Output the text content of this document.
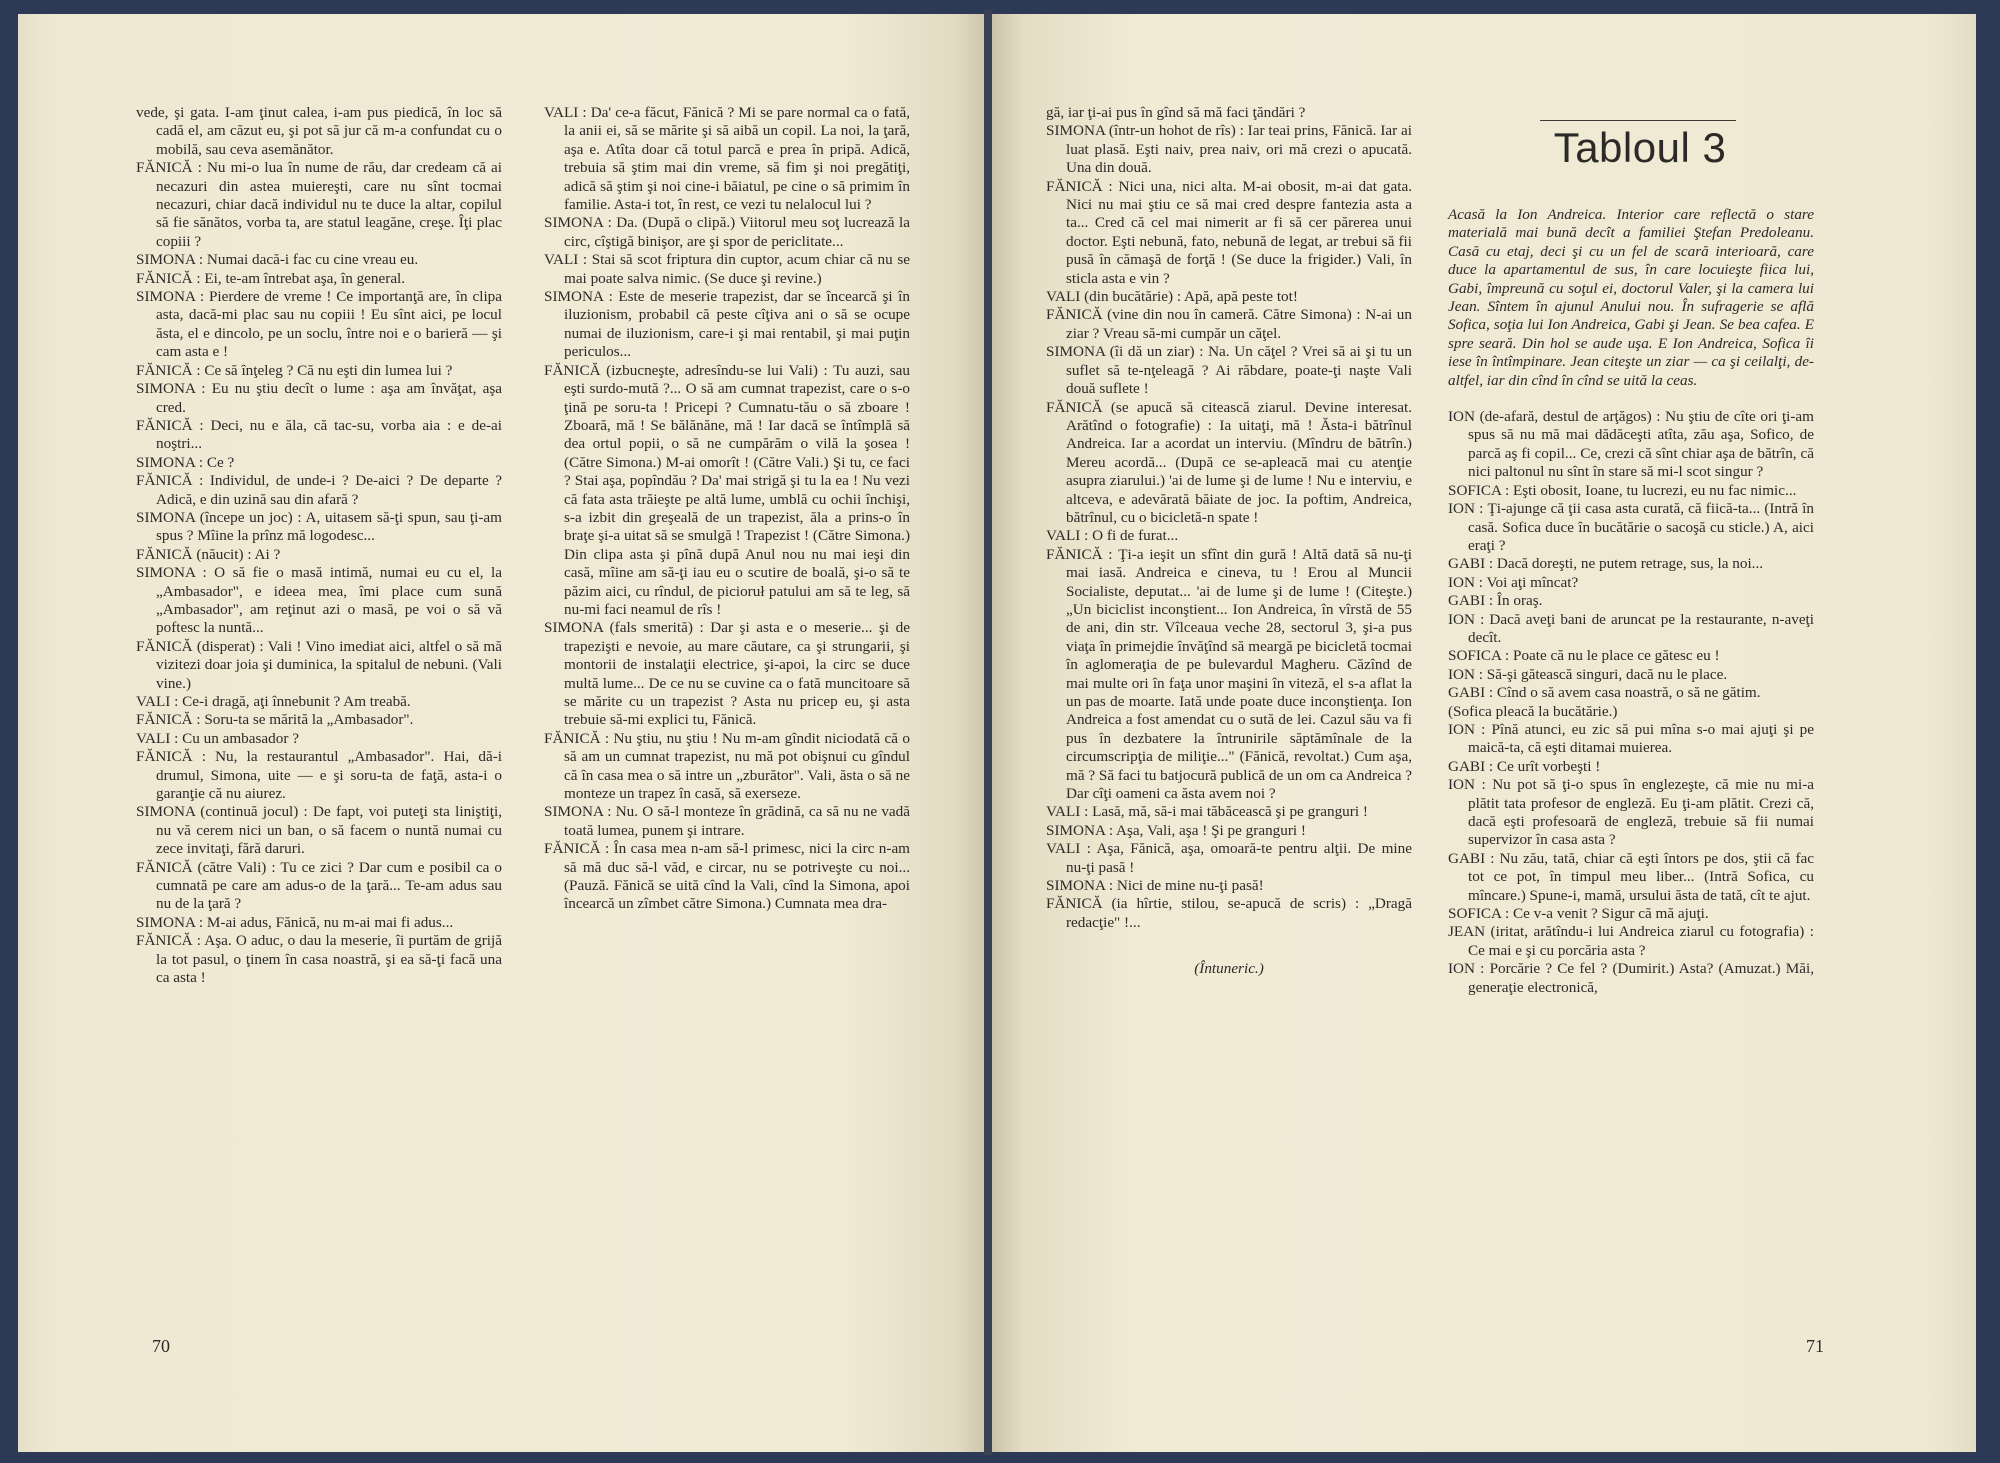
vede, şi gata. I-am ţinut calea, i-am pus piedică, în loc să cadă el, am căzut eu, şi pot să jur că m-a confundat cu o mobilă, sau ceva asemănător.

FĂNICĂ : Nu mi-o lua în nume de rău, dar credeam că ai necazuri din astea muiereşti, care nu sînt tocmai necazuri, chiar dacă individul nu te duce la altar, copilul să fie sănătos, vorba ta, are statul leagăne, creşe. Îţi plac copiii ?

SIMONA : Numai dacă-i fac cu cine vreau eu.

FĂNICĂ : Ei, te-am întrebat aşa, în general.

SIMONA : Pierdere de vreme ! Ce importanţă are, în clipa asta, dacă-mi plac sau nu copiii ! Eu sînt aici, pe locul ăsta, el e dincolo, pe un soclu, între noi e o barieră — şi cam asta e !

FĂNICĂ : Ce să înţeleg ? Că nu eşti din lumea lui ?

SIMONA : Eu nu ştiu decît o lume : aşa am învăţat, aşa cred.

FĂNICĂ : Deci, nu e ăla, că tac-su, vorba aia : e de-ai noştri...

SIMONA : Ce ?

FĂNICĂ : Individul, de unde-i ? De-aici ? De departe ? Adică, e din uzină sau din afară ?

SIMONA (începe un joc) : A, uitasem să-ţi spun, sau ţi-am spus ? Mîine la prînz mă logodesc...

FĂNICĂ (năucit) : Ai ?

SIMONA : O să fie o masă intimă, numai eu cu el, la „Ambasador", e ideea mea, îmi place cum sună „Ambasador", am reţinut azi o masă, pe voi o să vă poftesc la nuntă...

FĂNICĂ (disperat) : Vali ! Vino imediat aici, altfel o să mă vizitezi doar joia şi duminica, la spitalul de nebuni. (Vali vine.)

VALI : Ce-i dragă, aţi înnebunit ? Am treabă.

FĂNICĂ : Soru-ta se mărită la „Ambasador".

VALI : Cu un ambasador ?

FĂNICĂ : Nu, la restaurantul „Ambasador". Hai, dă-i drumul, Simona, uite — e şi soru-ta de faţă, asta-i o garanţie că nu aiurez.

SIMONA (continuă jocul) : De fapt, voi puteţi sta liniştiţi, nu vă cerem nici un ban, o să facem o nuntă numai cu zece invitaţi, fără daruri.

FĂNICĂ (către Vali) : Tu ce zici ? Dar cum e posibil ca o cumnată pe care am adus-o de la ţară... Te-am adus sau nu de la ţară ?

SIMONA : M-ai adus, Fănică, nu m-ai mai fi adus...

FĂNICĂ : Aşa. O aduc, o dau la meserie, îi purtăm de grijă la tot pasul, o ţinem în casa noastră, şi ea să-ţi facă una ca asta !

VALI : Da' ce-a făcut, Fănică ? Mi se pare normal ca o fată, la anii ei, să se mărite şi să aibă un copil. La noi, la ţară, aşa e. Atîta doar că totul parcă e prea în pripă. Adică, trebuia să ştim mai din vreme, să fim şi noi pregătiţi, adică să ştim şi noi cine-i băiatul, pe cine o să primim în familie. Asta-i tot, în rest, ce vezi tu nelalocul lui ?

SIMONA : Da. (După o clipă.) Viitorul meu soţ lucrează la circ, cîştigă binişor, are şi spor de periclitate...

VALI : Stai să scot friptura din cuptor, acum chiar că nu se mai poate salva nimic. (Se duce şi revine.)

SIMONA : Este de meserie trapezist, dar se încearcă şi în iluzionism, probabil că peste cîţiva ani o să se ocupe numai de iluzionism, care-i şi mai rentabil, şi mai puţin periculos...

FĂNICĂ (izbucneşte, adresîndu-se lui Vali) : Tu auzi, sau eşti surdo-mută ?... O să am cumnat trapezist, care o s-o ţină pe soru-ta ! Pricepi ? Cumnatu-tău o să zboare ! Zboară, mă ! Se bălănăne, mă ! Iar dacă se întîmplă să dea ortul popii, o să ne cumpărăm o vilă la şosea ! (Către Simona.) M-ai omorît ! (Către Vali.) Şi tu, ce faci ? Stai aşa, popîndău ? Da' mai strigă şi tu la ea ! Nu vezi că fata asta trăieşte pe altă lume, umblă cu ochii închişi, s-a izbit din greşeală de un trapezist, ăla a prins-o în braţe şi-a uitat să se smulgă ! Trapezist ! (Către Simona.) Din clipa asta şi pînă după Anul nou nu mai ieşi din casă, mîine am să-ţi iau eu o scutire de boală, şi-o să te păzim aici, cu rîndul, de picioruł patului am să te leg, să nu-mi faci neamul de rîs !

SIMONA (fals smerită) : Dar şi asta e o meserie... şi de trapezişti e nevoie, au mare căutare, ca şi strungarii, şi montorii de instalaţii electrice, şi-apoi, la circ se duce multă lume... De ce nu se cuvine ca o fată muncitoare să se mărite cu un trapezist ? Asta nu pricep eu, şi asta trebuie să-mi explici tu, Fănică.

FĂNICĂ : Nu ştiu, nu ştiu ! Nu m-am gîndit niciodată că o să am un cumnat trapezist, nu mă pot obişnui cu gîndul că în casa mea o să intre un „zburător". Vali, ăsta o să ne monteze un trapez în casă, să exerseze.

SIMONA : Nu. O să-l monteze în grădină, ca să nu ne vadă toată lumea, punem şi intrare.

FĂNICĂ : În casa mea n-am să-l primesc, nici la circ n-am să mă duc să-l văd, e circar, nu se potriveşte cu noi... (Pauză. Fănică se uită cînd la Vali, cînd la Simona, apoi încearcă un zîmbet către Simona.) Cumnata mea dra-

70

gă, iar ţi-ai pus în gînd să mă faci ţăndări ?

SIMONA (într-un hohot de rîs) : Iar teai prins, Fănică. Iar ai luat plasă. Eşti naiv, prea naiv, ori mă crezi o apucată. Una din două.

FĂNICĂ : Nici una, nici alta. M-ai obosit, m-ai dat gata. Nici nu mai ştiu ce să mai cred despre fantezia asta a ta... Cred că cel mai nimerit ar fi să cer părerea unui doctor. Eşti nebună, fato, nebună de legat, ar trebui să fii pusă în cămaşă de forţă ! (Se duce la frigider.) Vali, în sticla asta e vin ?

VALI (din bucătărie) : Apă, apă peste tot!

FĂNICĂ (vine din nou în cameră. Către Simona) : N-ai un ziar ? Vreau să-mi cumpăr un căţel.

SIMONA (îi dă un ziar) : Na. Un căţel ? Vrei să ai şi tu un suflet să te-nţeleagă ? Ai răbdare, poate-ţi naşte Vali două suflete !

FĂNICĂ (se apucă să citească ziarul. Devine interesat. Arătînd o fotografie) : Ia uitaţi, mă ! Ăsta-i bătrînul Andreica. Iar a acordat un interviu. (Mîndru de bătrîn.) Mereu acordă... (După ce se-apleacă mai cu atenţie asupra ziarului.) 'ai de lume şi de lume ! Nu e interviu, e altceva, e adevărată băiate de joc. Ia poftim, Andreica, bătrînul, cu o bicicletă-n spate !

VALI : O fi de furat...

FĂNICĂ : Ţi-a ieşit un sfînt din gură ! Altă dată să nu-ţi mai iasă. Andreica e cineva, tu ! Erou al Muncii Socialiste, deputat... 'ai de lume şi de lume ! (Citeşte.) „Un biciclist inconştient... Ion Andreica, în vîrstă de 55 de ani, din str. Vîlceaua veche 28, sectorul 3, şi-a pus viaţa în primejdie învăţînd să meargă pe bicicletă tocmai în aglomeraţia de pe bulevardul Magheru. Căzînd de mai multe ori în faţa unor maşini în viteză, el s-a aflat la un pas de moarte. Iată unde poate duce inconştienţa. Ion Andreica a fost amendat cu o sută de lei. Cazul său va fi pus în dezbatere la întrunirile săptămînale de la circumscripţia de miliţie..." (Fănică, revoltat.) Cum aşa, mă ? Să faci tu batjocură publică de un om ca Andreica ? Dar cîţi oameni ca ăsta avem noi ?

VALI : Lasă, mă, să-i mai tăbăcească şi pe granguri !

SIMONA : Aşa, Vali, aşa ! Şi pe granguri !

VALI : Aşa, Fănică, aşa, omoară-te pentru alţii. De mine nu-ţi pasă !

SIMONA : Nici de mine nu-ţi pasă!

FĂNICĂ (ia hîrtie, stilou, se-apucă de scris) : „Dragă redacţie" !...

(Întuneric.)

Tabloul 3

Acasă la Ion Andreica. Interior care reflectă o stare materială mai bună decît a familiei Ştefan Predoleanu. Casă cu etaj, deci şi cu un fel de scară interioară, care duce la apartamentul de sus, în care locuieşte fiica lui, Gabi, împreună cu soţul ei, doctorul Valer, şi la camera lui Jean. Sîntem în ajunul Anului nou. În sufragerie se află Sofica, soţia lui Ion Andreica, Gabi şi Jean. Se bea cafea. E spre seară. Din hol se aude uşa. E Ion Andreica, Sofica îi iese în întîmpinare. Jean citeşte un ziar — ca şi ceilalţi, de-altfel, iar din cînd în cînd se uită la ceas.

ION (de-afară, destul de arţăgos) : Nu ştiu de cîte ori ţi-am spus să nu mă mai dădăceşti atîta, zău aşa, Sofico, de parcă aş fi copil... Ce, crezi că sînt chiar aşa de bătrîn, că nici paltonul nu sînt în stare să mi-l scot singur ?

SOFICA : Eşti obosit, Ioane, tu lucrezi, eu nu fac nimic...

ION : Ţi-ajunge că ţii casa asta curată, că fiică-ta... (Intră în casă. Sofica duce în bucătărie o sacoşă cu sticle.) A, aici eraţi ?

GABI : Dacă doreşti, ne putem retrage, sus, la noi...

ION : Voi aţi mîncat?

GABI : În oraş.

ION : Dacă aveţi bani de aruncat pe la restaurante, n-aveţi decît.

SOFICA : Poate că nu le place ce gătesc eu !

ION : Să-şi gătească singuri, dacă nu le place.

GABI : Cînd o să avem casa noastră, o să ne gătim.

(Sofica pleacă la bucătărie.)

ION : Pînă atunci, eu zic să pui mîna s-o mai ajuţi şi pe maică-ta, că eşti ditamai muierea.

GABI : Ce urît vorbeşti !

ION : Nu pot să ţi-o spus în englezeşte, că mie nu mi-a plătit tata profesor de engleză. Eu ţi-am plătit. Crezi că, dacă eşti profesoară de engleză, trebuie să fii numai supervizor în casa asta ?

GABI : Nu zău, tată, chiar că eşti întors pe dos, ştii că fac tot ce pot, în timpul meu liber... (Intră Sofica, cu mîncare.) Spune-i, mamă, ursului ăsta de tată, cît te ajut.

SOFICA : Ce v-a venit ? Sigur că mă ajuţi.

JEAN (iritat, arătîndu-i lui Andreica ziarul cu fotografia) : Ce mai e şi cu porcăria asta ?

ION : Porcărie ? Ce fel ? (Dumirit.) Asta? (Amuzat.) Măi, generaţie electronică,

71
